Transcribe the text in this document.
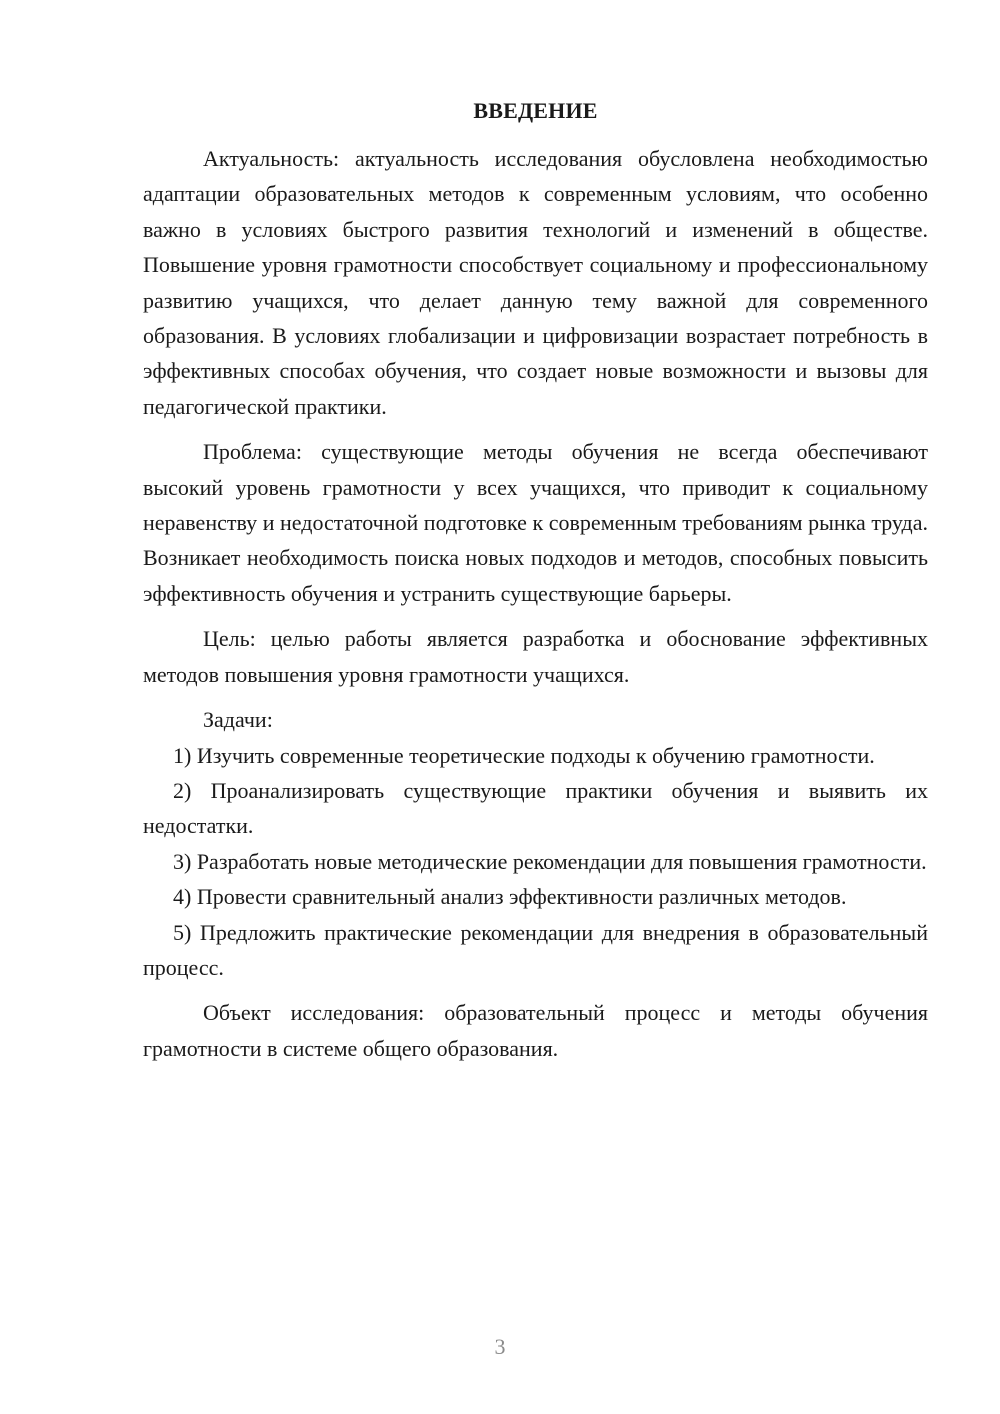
ВВЕДЕНИЕ

Актуальность: актуальность исследования обусловлена необходимостью адаптации образовательных методов к современным условиям, что особенно важно в условиях быстрого развития технологий и изменений в обществе. Повышение уровня грамотности способствует социальному и профессиональному развитию учащихся, что делает данную тему важной для современного образования. В условиях глобализации и цифровизации возрастает потребность в эффективных способах обучения, что создает новые возможности и вызовы для педагогической практики.

Проблема: существующие методы обучения не всегда обеспечивают высокий уровень грамотности у всех учащихся, что приводит к социальному неравенству и недостаточной подготовке к современным требованиям рынка труда. Возникает необходимость поиска новых подходов и методов, способных повысить эффективность обучения и устранить существующие барьеры.

Цель: целью работы является разработка и обоснование эффективных методов повышения уровня грамотности учащихся.

Задачи:

1) Изучить современные теоретические подходы к обучению грамотности.

2) Проанализировать существующие практики обучения и выявить их недостатки.

3) Разработать новые методические рекомендации для повышения грамотности.

4) Провести сравнительный анализ эффективности различных методов.

5) Предложить практические рекомендации для внедрения в образовательный процесс.

Объект исследования: образовательный процесс и методы обучения грамотности в системе общего образования.

3
